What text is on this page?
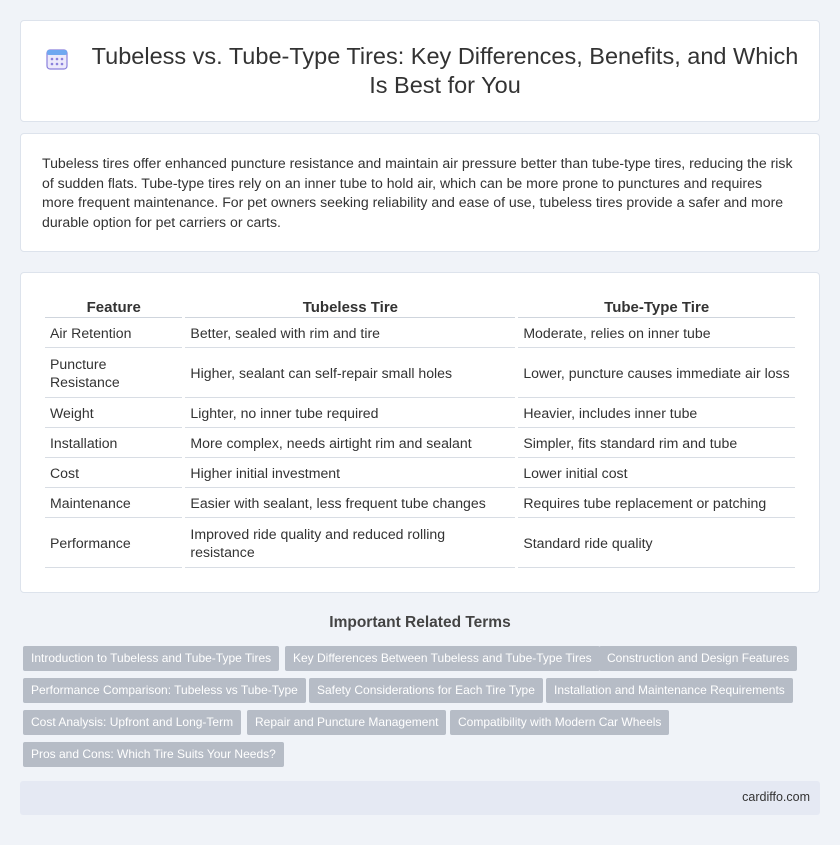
Tubeless vs. Tube-Type Tires: Key Differences, Benefits, and Which Is Best for You

Tubeless tires offer enhanced puncture resistance and maintain air pressure better than tube-type tires, reducing the risk of sudden flats. Tube-type tires rely on an inner tube to hold air, which can be more prone to punctures and requires more frequent maintenance. For pet owners seeking reliability and ease of use, tubeless tires provide a safer and more durable option for pet carriers or carts.

Feature	Tubeless Tire	Tube-Type Tire
Air Retention	Better, sealed with rim and tire	Moderate, relies on inner tube
Puncture Resistance	Higher, sealant can self-repair small holes	Lower, puncture causes immediate air loss
Weight	Lighter, no inner tube required	Heavier, includes inner tube
Installation	More complex, needs airtight rim and sealant	Simpler, fits standard rim and tube
Cost	Higher initial investment	Lower initial cost
Maintenance	Easier with sealant, less frequent tube changes	Requires tube replacement or patching
Performance	Improved ride quality and reduced rolling resistance	Standard ride quality
Important Related Terms
Introduction to Tubeless and Tube-Type Tires	Key Differences Between Tubeless and Tube-Type Tires	Construction and Design Features
Performance Comparison: Tubeless vs Tube-Type	Safety Considerations for Each Tire Type	Installation and Maintenance Requirements
Cost Analysis: Upfront and Long-Term	Repair and Puncture Management	Compatibility with Modern Car Wheels
Pros and Cons: Which Tire Suits Your Needs?
cardiffo.com
